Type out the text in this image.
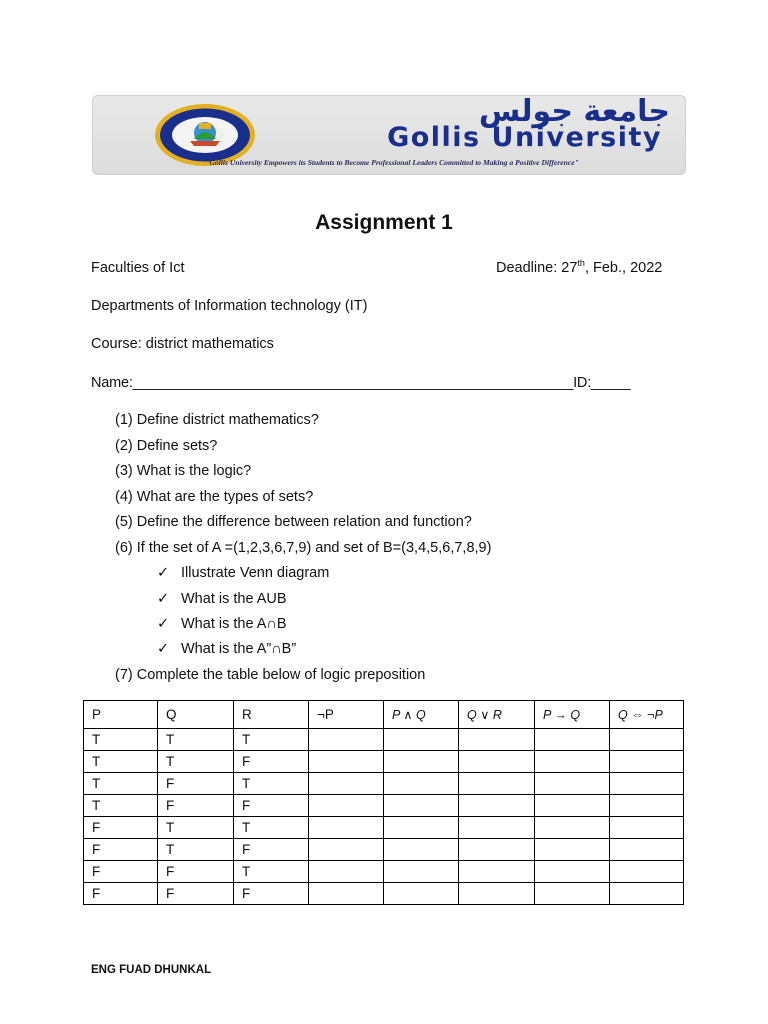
جامعة جولس
Gollis University
"Gollis University Empowers its Students to Become Professional Leaders Committed to Making a Positive Difference"
Assignment 1
Faculties of Ict	Deadline: 27th, Feb., 2022
Departments of Information technology (IT)
Course: district mathematics
Name:________________________________________________________ID:_____
(1) Define district mathematics?
(2) Define sets?
(3) What is the logic?
(4) What are the types of sets?
(5) Define the difference between relation and function?
(6) If the set of A =(1,2,3,6,7,9) and set of B=(3,4,5,6,7,8,9)
✓ Illustrate Venn diagram
✓ What is the AUB
✓ What is the A∩B
✓ What is the A”∩B”
(7) Complete the table below of logic preposition
P	Q	R	¬P	P ∧ Q	Q ∨ R	P → Q	Q ⇔ ¬P
T	T	T					
T	T	F					
T	F	T					
T	F	F					
F	T	T					
F	T	F					
F	F	T					
F	F	F					
ENG FUAD DHUNKAL
